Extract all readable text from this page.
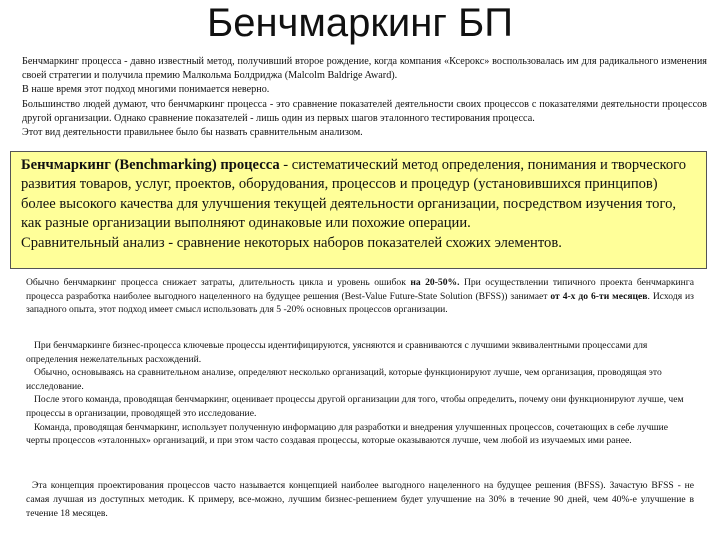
Бенчмаркинг БП

Бенчмаркинг процесса - давно известный метод, получивший второе рождение, когда компания «Ксерокс» воспользовалась им для радикального изменения своей стратегии и получила премию Малкольма Болдриджа (Malcolm Baldrige Award).

В наше время этот подход многими понимается неверно.

Большинство людей думают, что бенчмаркинг процесса - это сравнение показателей деятельности своих процессов с показателями деятельности процессов другой организации. Однако сравнение показателей - лишь один из первых шагов эталонного тестирования процесса.

Этот вид деятельности правильнее было бы назвать сравнительным анализом.

Бенчмаркинг (Benchmarking) процесса - систематический метод определения, понимания и творческого развития товаров, услуг, проектов, оборудования, процессов и процедур (установившихся принципов) более высокого качества для улучшения текущей деятельности организации, посредством изучения того, как разные организации выполняют одинаковые или похожие операции.

Сравнительный анализ - сравнение некоторых наборов показателей схожих элементов.

Обычно бенчмаркинг процесса снижает затраты, длительность цикла и уровень ошибок на 20-50%. При осуществлении типичного проекта бенчмаркинга процесса разработка наиболее выгодного нацеленного на будущее решения (Best-Value Future-State Solution (BFSS)) занимает от 4-х до 6-ти месяцев. Исходя из западного опыта, этот подход имеет смысл использовать для 5 -20% основных процессов организации.

При бенчмаркинге бизнес-процесса ключевые процессы идентифицируются, уясняются и сравниваются с лучшими эквивалентными процессами для определения нежелательных расхождений.

Обычно, основываясь на сравнительном анализе, определяют несколько организаций, которые функционируют лучше, чем организация, проводящая это исследование.

После этого команда, проводящая бенчмаркинг, оценивает процессы другой организации для того, чтобы определить, почему они функционируют лучше, чем процессы в организации, проводящей это исследование.

Команда, проводящая бенчмаркинг, использует полученную информацию для разработки и внедрения улучшенных процессов, сочетающих в себе лучшие черты процессов «эталонных» организаций, и при этом часто создавая процессы, которые оказываются лучше, чем любой из изучаемых ими ранее.

Эта концепция проектирования процессов часто называется концепцией наиболее выгодного нацеленного на будущее решения (BFSS). Зачастую BFSS - не самая лучшая из доступных методик. К примеру, все-можно, лучшим бизнес-решением будет улучшение на 30% в течение 90 дней, чем 40%-е улучшение в течение 18 месяцев.
